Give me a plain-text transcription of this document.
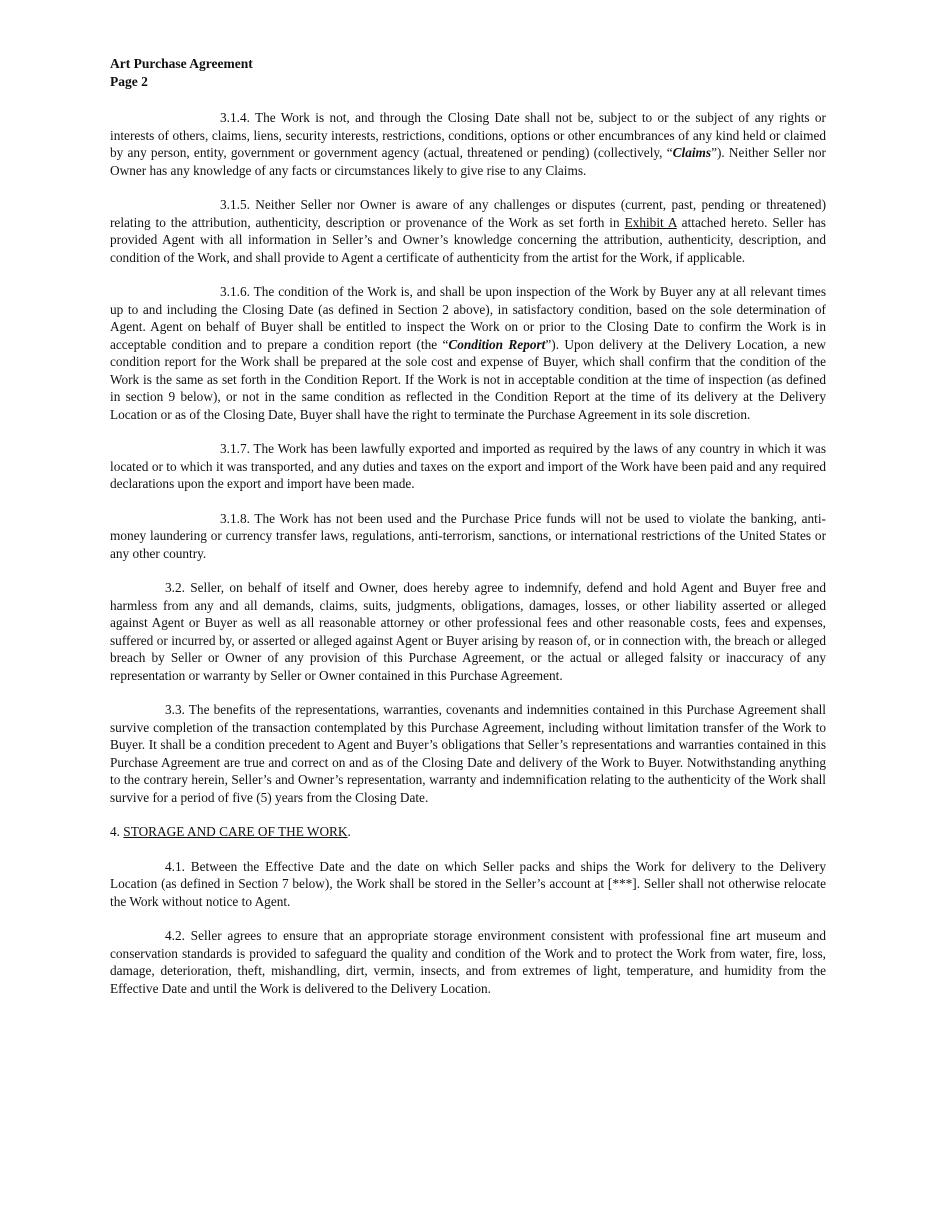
Art Purchase Agreement
Page 2

3.1.4. The Work is not, and through the Closing Date shall not be, subject to or the subject of any rights or interests of others, claims, liens, security interests, restrictions, conditions, options or other encumbrances of any kind held or claimed by any person, entity, government or government agency (actual, threatened or pending) (collectively, “Claims”). Neither Seller nor Owner has any knowledge of any facts or circumstances likely to give rise to any Claims.

3.1.5. Neither Seller nor Owner is aware of any challenges or disputes (current, past, pending or threatened) relating to the attribution, authenticity, description or provenance of the Work as set forth in Exhibit A attached hereto. Seller has provided Agent with all information in Seller’s and Owner’s knowledge concerning the attribution, authenticity, description, and condition of the Work, and shall provide to Agent a certificate of authenticity from the artist for the Work, if applicable.

3.1.6. The condition of the Work is, and shall be upon inspection of the Work by Buyer any at all relevant times up to and including the Closing Date (as defined in Section 2 above), in satisfactory condition, based on the sole determination of Agent. Agent on behalf of Buyer shall be entitled to inspect the Work on or prior to the Closing Date to confirm the Work is in acceptable condition and to prepare a condition report (the “Condition Report”). Upon delivery at the Delivery Location, a new condition report for the Work shall be prepared at the sole cost and expense of Buyer, which shall confirm that the condition of the Work is the same as set forth in the Condition Report. If the Work is not in acceptable condition at the time of inspection (as defined in section 9 below), or not in the same condition as reflected in the Condition Report at the time of its delivery at the Delivery Location or as of the Closing Date, Buyer shall have the right to terminate the Purchase Agreement in its sole discretion.

3.1.7. The Work has been lawfully exported and imported as required by the laws of any country in which it was located or to which it was transported, and any duties and taxes on the export and import of the Work have been paid and any required declarations upon the export and import have been made.

3.1.8. The Work has not been used and the Purchase Price funds will not be used to violate the banking, anti-money laundering or currency transfer laws, regulations, anti-terrorism, sanctions, or international restrictions of the United States or any other country.

3.2. Seller, on behalf of itself and Owner, does hereby agree to indemnify, defend and hold Agent and Buyer free and harmless from any and all demands, claims, suits, judgments, obligations, damages, losses, or other liability asserted or alleged against Agent or Buyer as well as all reasonable attorney or other professional fees and other reasonable costs, fees and expenses, suffered or incurred by, or asserted or alleged against Agent or Buyer arising by reason of, or in connection with, the breach or alleged breach by Seller or Owner of any provision of this Purchase Agreement, or the actual or alleged falsity or inaccuracy of any representation or warranty by Seller or Owner contained in this Purchase Agreement.

3.3. The benefits of the representations, warranties, covenants and indemnities contained in this Purchase Agreement shall survive completion of the transaction contemplated by this Purchase Agreement, including without limitation transfer of the Work to Buyer. It shall be a condition precedent to Agent and Buyer’s obligations that Seller’s representations and warranties contained in this Purchase Agreement are true and correct on and as of the Closing Date and delivery of the Work to Buyer. Notwithstanding anything to the contrary herein, Seller’s and Owner’s representation, warranty and indemnification relating to the authenticity of the Work shall survive for a period of five (5) years from the Closing Date.

4. STORAGE AND CARE OF THE WORK.

4.1. Between the Effective Date and the date on which Seller packs and ships the Work for delivery to the Delivery Location (as defined in Section 7 below), the Work shall be stored in the Seller’s account at [***]. Seller shall not otherwise relocate the Work without notice to Agent.

4.2. Seller agrees to ensure that an appropriate storage environment consistent with professional fine art museum and conservation standards is provided to safeguard the quality and condition of the Work and to protect the Work from water, fire, loss, damage, deterioration, theft, mishandling, dirt, vermin, insects, and from extremes of light, temperature, and humidity from the Effective Date and until the Work is delivered to the Delivery Location.
